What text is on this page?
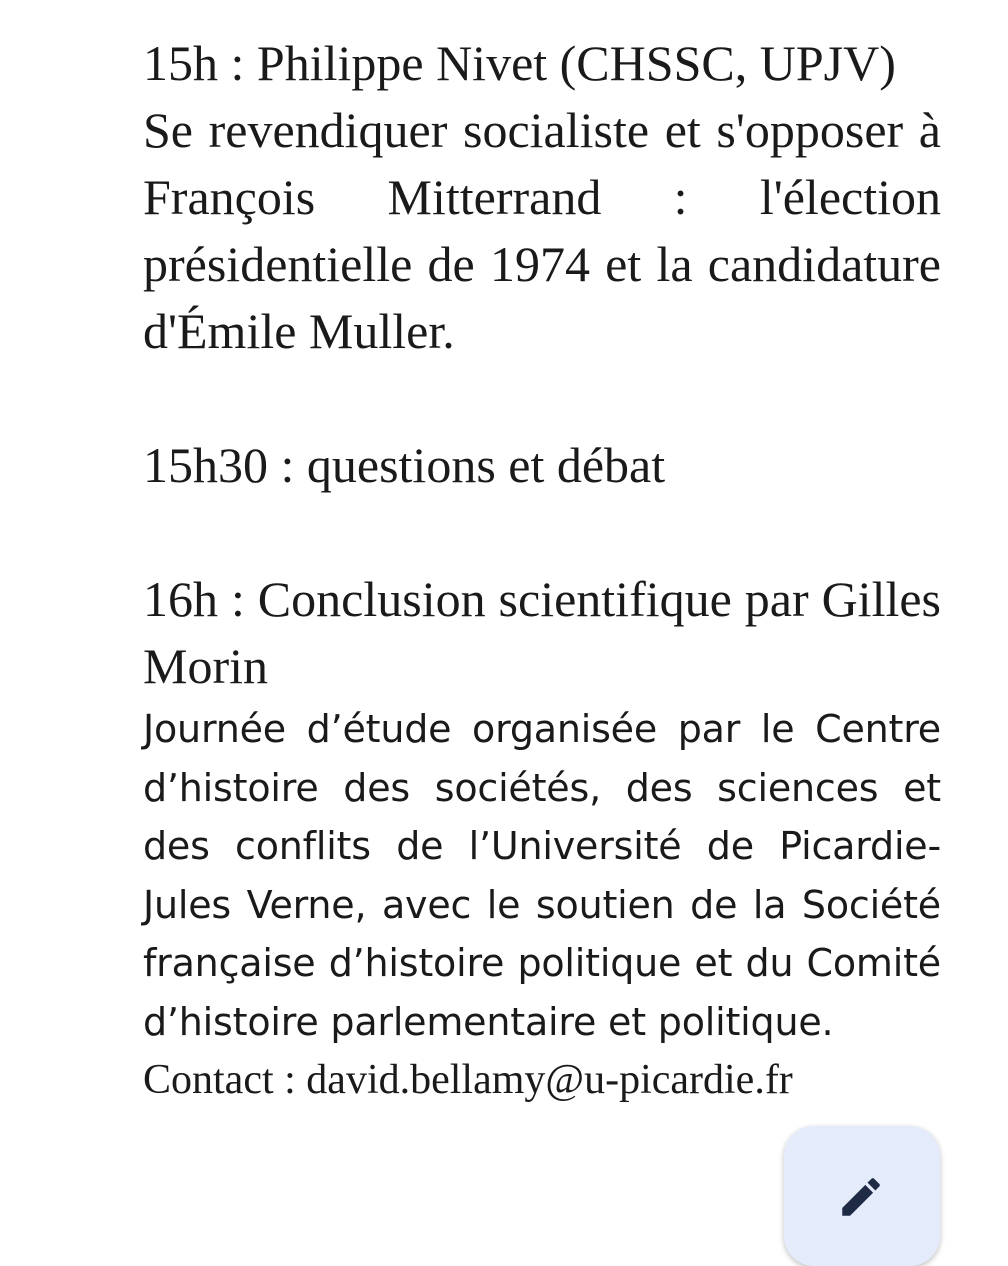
15h : Philippe Nivet (CHSSC, UPJV)

Se revendiquer socialiste et s'opposer à François Mitterrand : l'élection présidentielle de 1974 et la candidature d'Émile Muller.

15h30 : questions et débat

16h : Conclusion scientifique par Gilles Morin

Journée d’étude organisée par le Centre d’histoire des sociétés, des sciences et des conflits de l’Université de Picardie-Jules Verne, avec le soutien de la Société française d’histoire politique et du Comité d’histoire parlementaire et politique.

Contact : david.bellamy@u-picardie.fr
